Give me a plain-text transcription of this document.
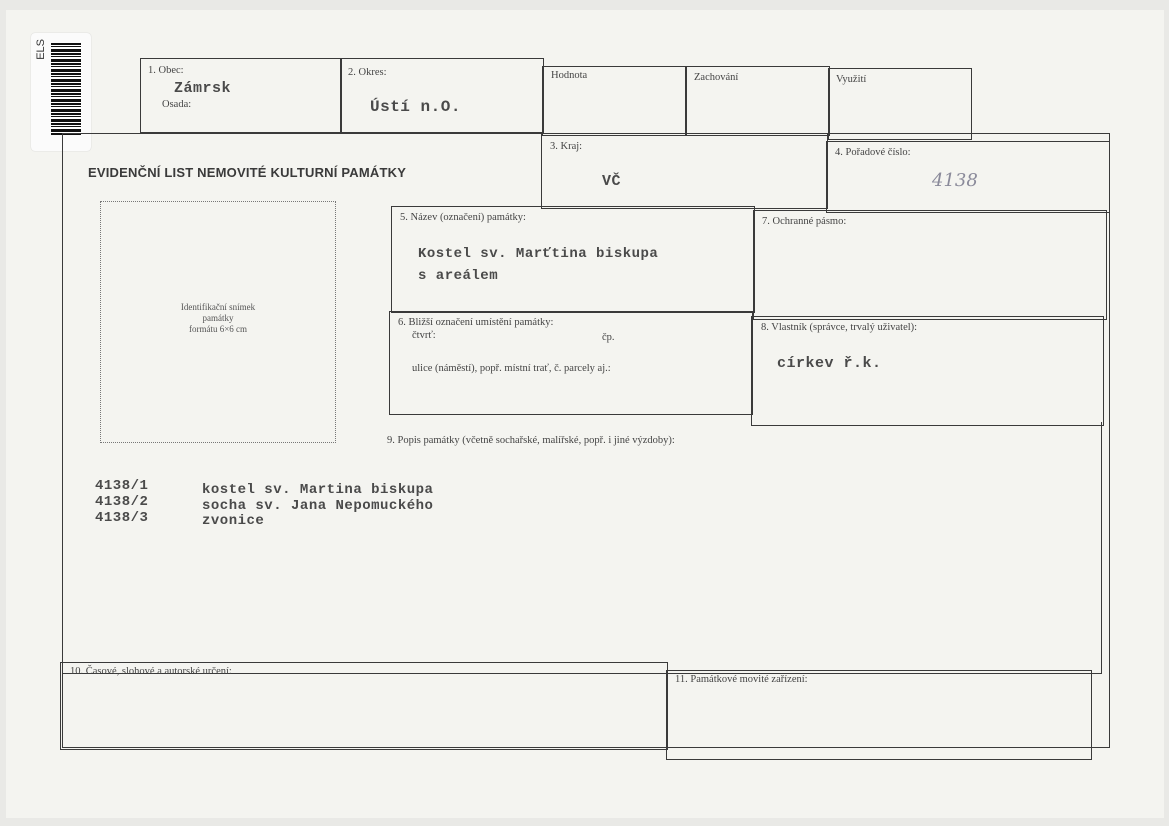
ELS
1. Obec:
Zámrsk
Osada:
2. Okres:
Ústí n.O.
Hodnota	Zachování	Využití
EVIDENČNÍ LIST NEMOVITÉ KULTURNÍ PAMÁTKY
3. Kraj:
VČ
4. Pořadové číslo:
4138
Identifikační snímek
památky
formátu 6×6 cm
5. Název (označení) památky:
Kostel sv. Marťtina biskupa
s areálem
7. Ochranné pásmo:
6. Bližší označení umístění památky:
čtvrť:	čp.
ulice (náměstí), popř. místní trať, č. parcely aj.:
8. Vlastník (správce, trvalý uživatel):
církev ř.k.
9. Popis památky (včetně sochařské, malířské, popř. i jiné výzdoby):
4138/1	kostel sv. Martina biskupa
4138/2	socha sv. Jana Nepomuckého
4138/3	zvonice
10. Časové, slohové a autorské určení:
11. Památkové movité zařízení:
